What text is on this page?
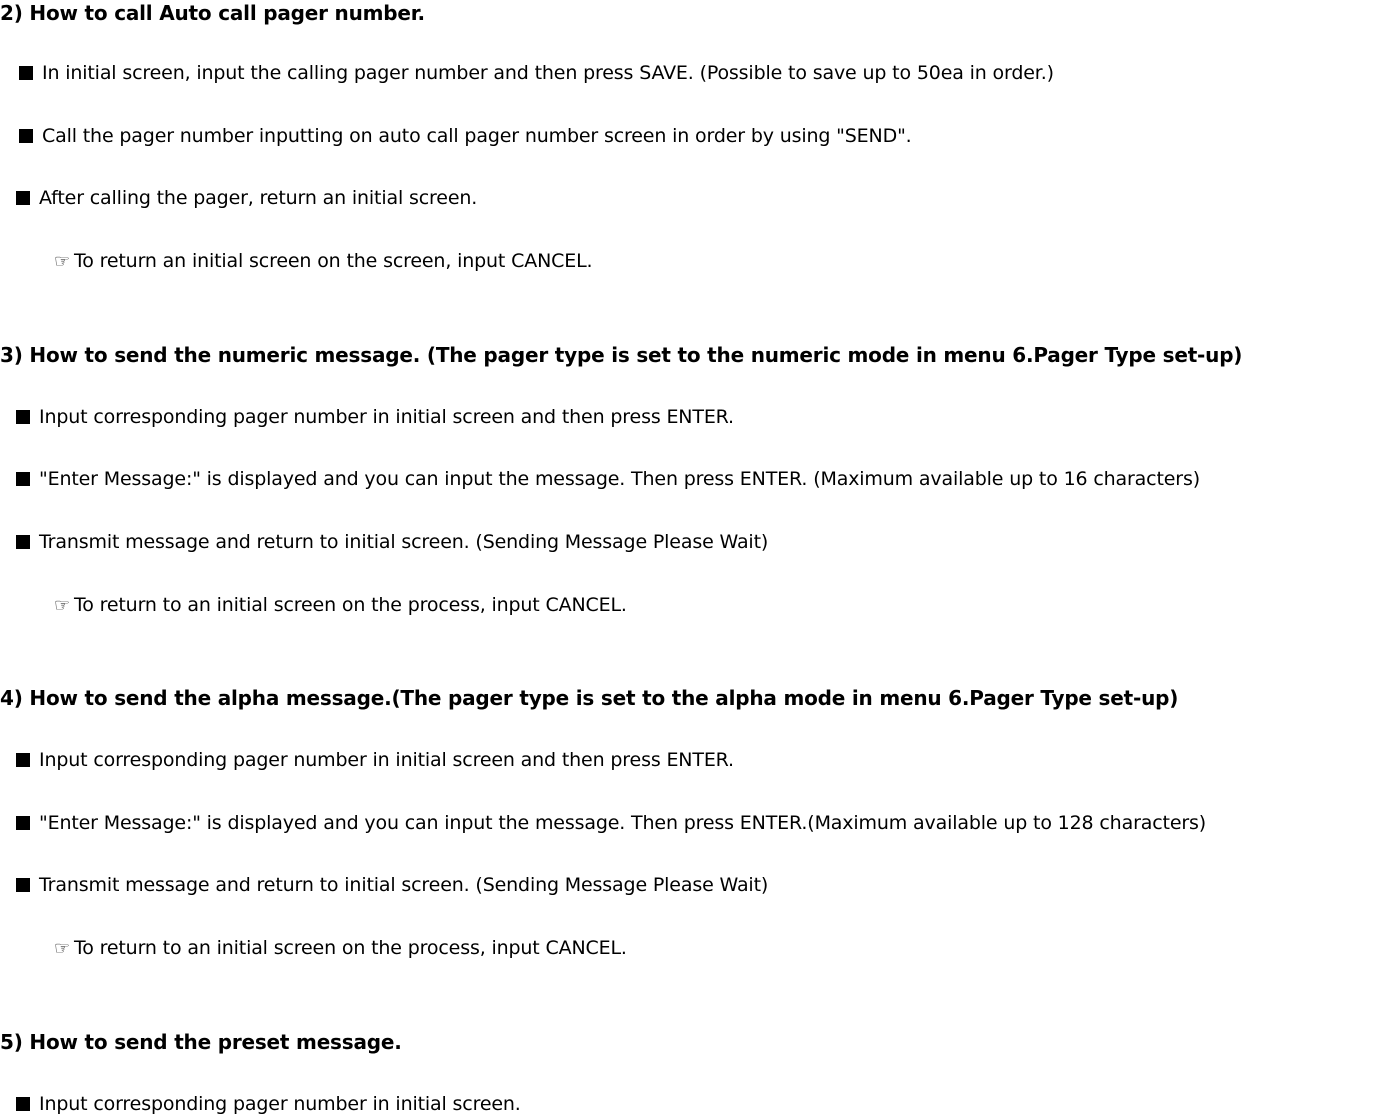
2) How to call Auto call pager number.
In initial screen, input the calling pager number and then press SAVE. (Possible to save up to 50ea in order.)
Call the pager number inputting on auto call pager number screen in order by using "SEND".
After calling the pager, return an initial screen.
☞ To return an initial screen on the screen, input CANCEL.
3) How to send the numeric message. (The pager type is set to the numeric mode in menu 6.Pager Type set-up)
Input corresponding pager number in initial screen and then press ENTER.
"Enter Message:" is displayed and you can input the message. Then press ENTER. (Maximum available up to 16 characters)
Transmit message and return to initial screen. (Sending Message Please Wait)
☞ To return to an initial screen on the process, input CANCEL.
4) How to send the alpha message.(The pager type is set to the alpha mode in menu 6.Pager Type set-up)
Input corresponding pager number in initial screen and then press ENTER.
"Enter Message:" is displayed and you can input the message. Then press ENTER.(Maximum available up to 128 characters)
Transmit message and return to initial screen. (Sending Message Please Wait)
☞ To return to an initial screen on the process, input CANCEL.
5) How to send the preset message.
Input corresponding pager number in initial screen.
